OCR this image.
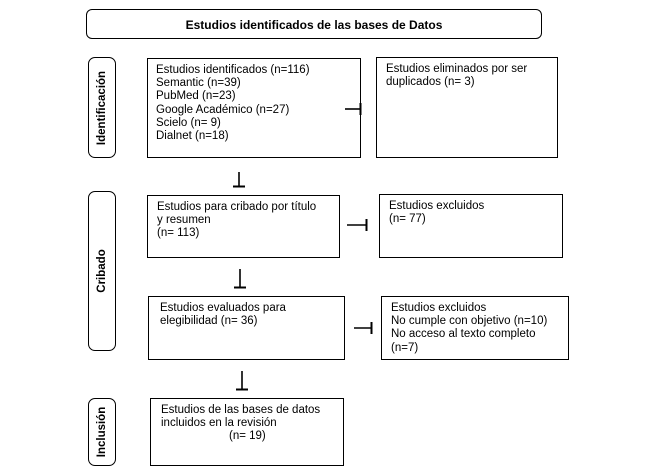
Estudios identificados de las bases de Datos
Identificación
Cribado
Inclusión
Estudios identificados (n=116)
Semantic (n=39)
PubMed (n=23)
Google Académico (n=27)
Scielo (n= 9)
Dialnet (n=18)
Estudios eliminados por ser
duplicados (n= 3)
Estudios para cribado por título
y resumen
(n= 113)
Estudios excluidos
(n= 77)
Estudios evaluados para
elegibilidad (n= 36)
Estudios excluidos
No cumple con objetivo (n=10)
No acceso al texto completo
(n=7)
Estudios de las bases de datos
incluidos en la revisión
(n= 19)
